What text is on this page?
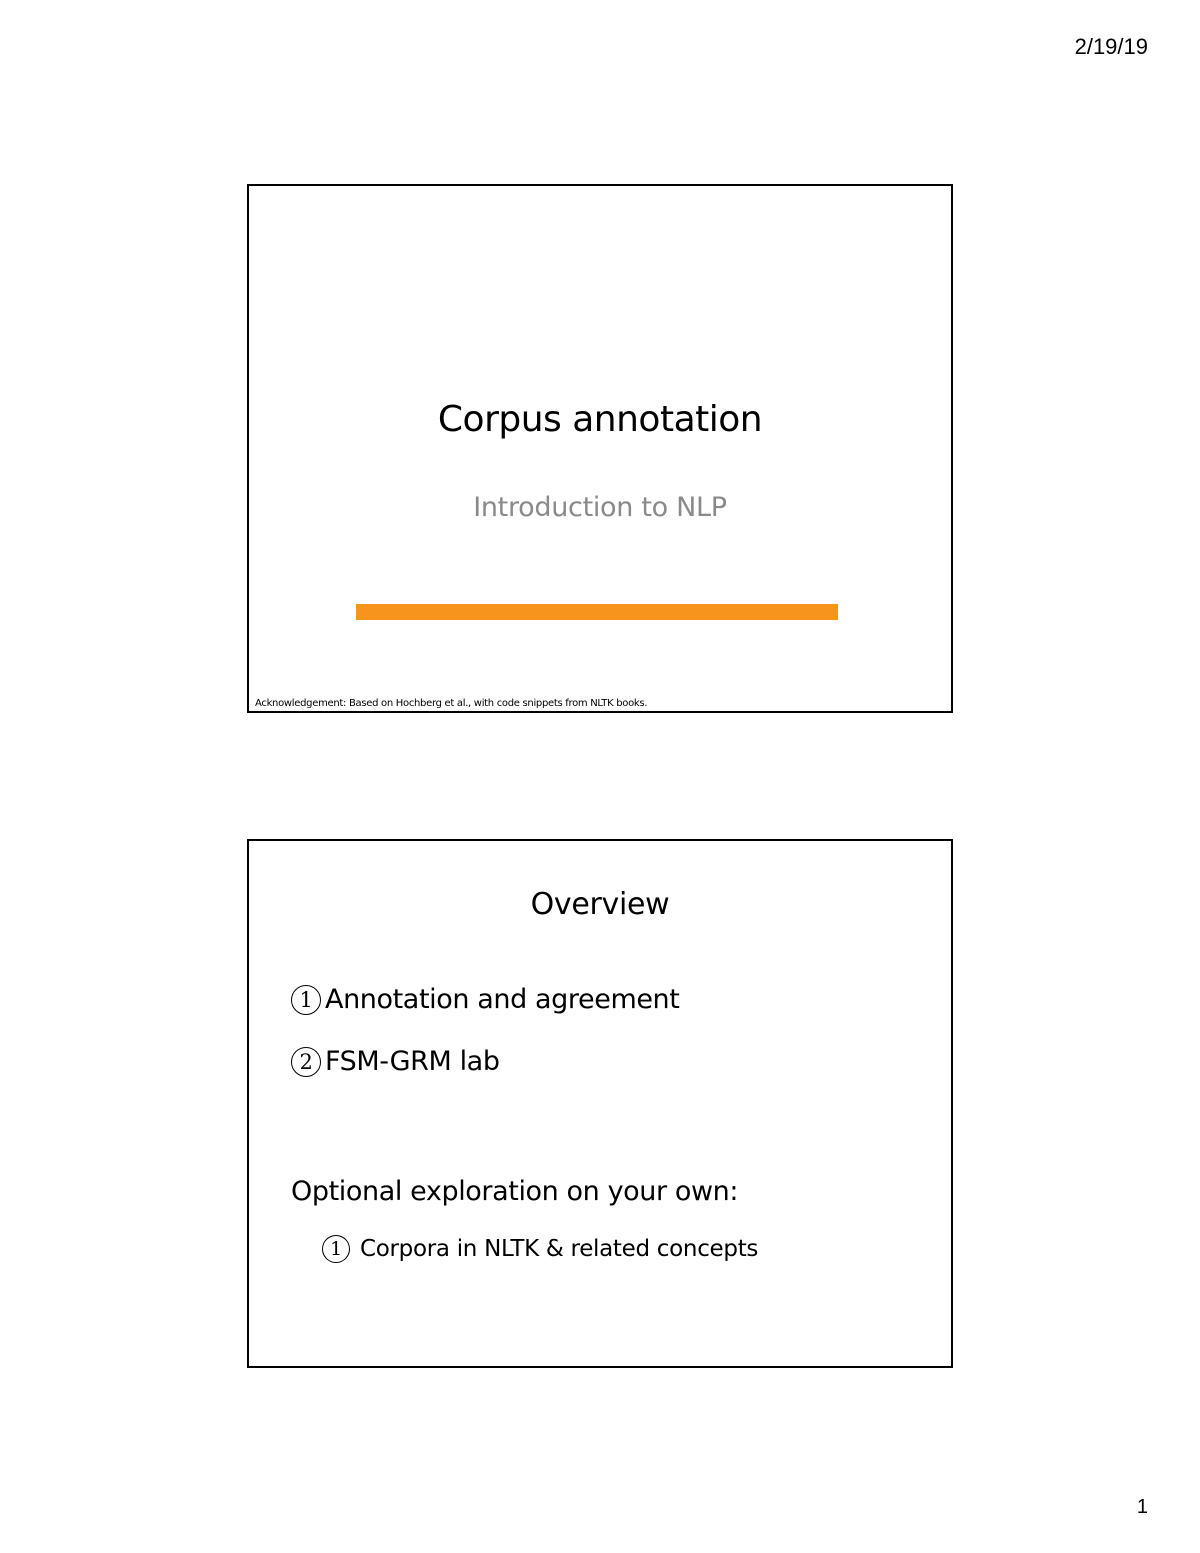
2/19/19
Corpus annotation
Introduction to NLP
Acknowledgement: Based on Hochberg et al., with code snippets from NLTK books.
Overview
1 Annotation and agreement
2 FSM-GRM lab
Optional exploration on your own:
1 Corpora in NLTK & related concepts
1
